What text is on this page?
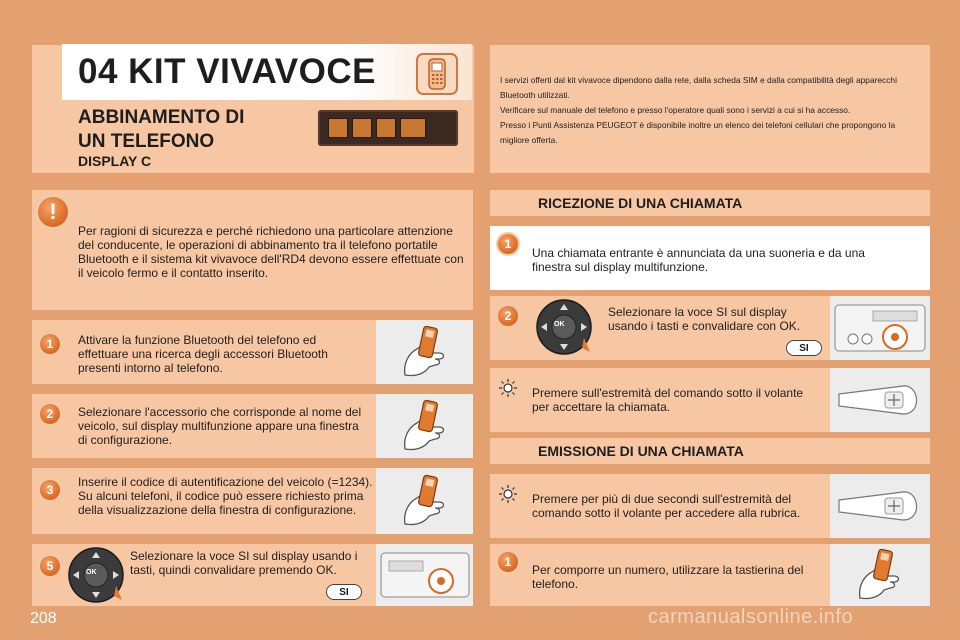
04 KIT VIVAVOCE
ABBINAMENTO DI
UN TELEFONO
DISPLAY C

I servizi offerti dal kit vivavoce dipendono dalla rete, dalla scheda SIM e dalla compatibilità degli apparecchi Bluetooth utilizzati.

Verificare sul manuale del telefono e presso l'operatore quali sono i servizi a cui si ha accesso.

Presso i Punti Assistenza PEUGEOT è disponibile inoltre un elenco dei telefoni cellulari che propongono la migliore offerta.

!
Per ragioni di sicurezza e perché richiedono una particolare attenzione del conducente, le operazioni di abbinamento tra il telefono portatile Bluetooth e il sistema kit vivavoce dell'RD4 devono essere effettuate con il veicolo fermo e il contatto inserito.
1	Attivare la funzione Bluetooth del telefono ed effettuare una ricerca degli accessori Bluetooth presenti intorno al telefono.
2	Selezionare l'accessorio che corrisponde al nome del veicolo, sul display multifunzione appare una finestra di configurazione.
3
Inserire il codice di autentificazione del veicolo (=1234). Su alcuni telefoni, il codice può essere richiesto prima della visualizzazione della finestra di configurazione.
OK
5
Selezionare la voce SI sul display usando i tasti, quindi convalidare premendo OK.
SI
RICEZIONE DI UNA CHIAMATA
1
Una chiamata entrante è annunciata da una suoneria e da una finestra sul display multifunzione.
2
OK
Selezionare la voce SI sul display usando i tasti e convalidare con OK.
SI
Premere sull'estremità del comando sotto il volante per accettare la chiamata.
EMISSIONE DI UNA CHIAMATA
Premere per più di due secondi sull'estremità del comando sotto il volante per accedere alla rubrica.
1
Per comporre un numero, utilizzare la tastierina del telefono.
208	carmanualsonline.info
